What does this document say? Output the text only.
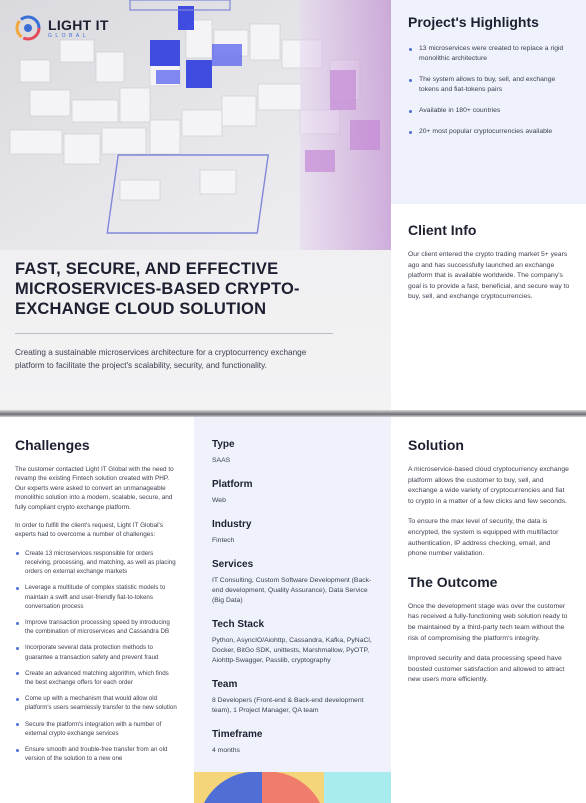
LIGHT IT
GLOBAL
FAST, SECURE, AND EFFECTIVE MICROSERVICES-BASED CRYPTO-EXCHANGE CLOUD SOLUTION

Creating a sustainable microservices architecture for a cryptocurrency exchange platform to facilitate the project's scalability, security, and functionality.

Project's Highlights
13 microservices were created to replace a rigid monolithic architecture
The system allows to buy, sell, and exchange tokens and fiat-tokens pairs
Available in 180+ countries
20+ most popular cryptocurrencies available
Client Info

Our client entered the crypto trading market 5+ years ago and has successfully launched an exchange platform that is available worldwide. The company's goal is to provide a fast, beneficial, and secure way to buy, sell, and exchange cryptocurrencies.

Challenges

The customer contacted Light IT Global with the need to revamp the existing Fintech solution created with PHP. Our experts were asked to convert an unmanageable monolithic solution into a modern, scalable, secure, and fully compliant crypto exchange platform.

In order to fulfill the client's request, Light IT Global's experts had to overcome a number of challenges:

Create 13 microservices responsible for orders receiving, processing, and matching, as well as placing orders on external exchange markets
Leverage a multitude of complex statistic models to maintain a swift and user-friendly fiat-to-tokens conversation process
Improve transaction processing speed by introducing the combination of microservices and Cassandra DB
Incorporate several data protection methods to guarantee a transaction safety and prevent fraud
Create an advanced matching algorithm, which finds the best exchange offers for each order
Come up with a mechanism that would allow old platform's users seamlessly transfer to the new solution
Secure the platform's integration with a number of external crypto exchange services
Ensure smooth and trouble-free transfer from an old version of the solution to a new one
Type
SAAS
Platform
Web
Industry
Fintech
Services
IT Consulting, Custom Software Development (Back-end development, Quality Assurance), Data Service (Big Data)
Tech Stack
Python, AsyncIO/Aiohttp, Cassandra, Kafka, PyNaCl, Docker, BitGo SDK, unittests, Marshmallow, PyOTP, Aiohttp-Swagger, Passlib, cryptography
Team
8 Developers (Front-end & Back-end development team), 1 Project Manager, QA team
Timeframe
4 months
Solution

A microservice-based cloud cryptocurrency exchange platform allows the customer to buy, sell, and exchange a wide variety of cryptocurrencies and fiat to crypto in a matter of a few clicks and few seconds.

To ensure the max level of security, the data is encrypted, the system is equipped with multifactor authentication, IP address checking, email, and phone number validation.

The Outcome

Once the development stage was over the customer has received a fully-functioning web solution ready to be maintained by a third-party tech team without the risk of compromising the platform's integrity.

Improved security and data processing speed have boosted customer satisfaction and allowed to attract new users more efficiently.
